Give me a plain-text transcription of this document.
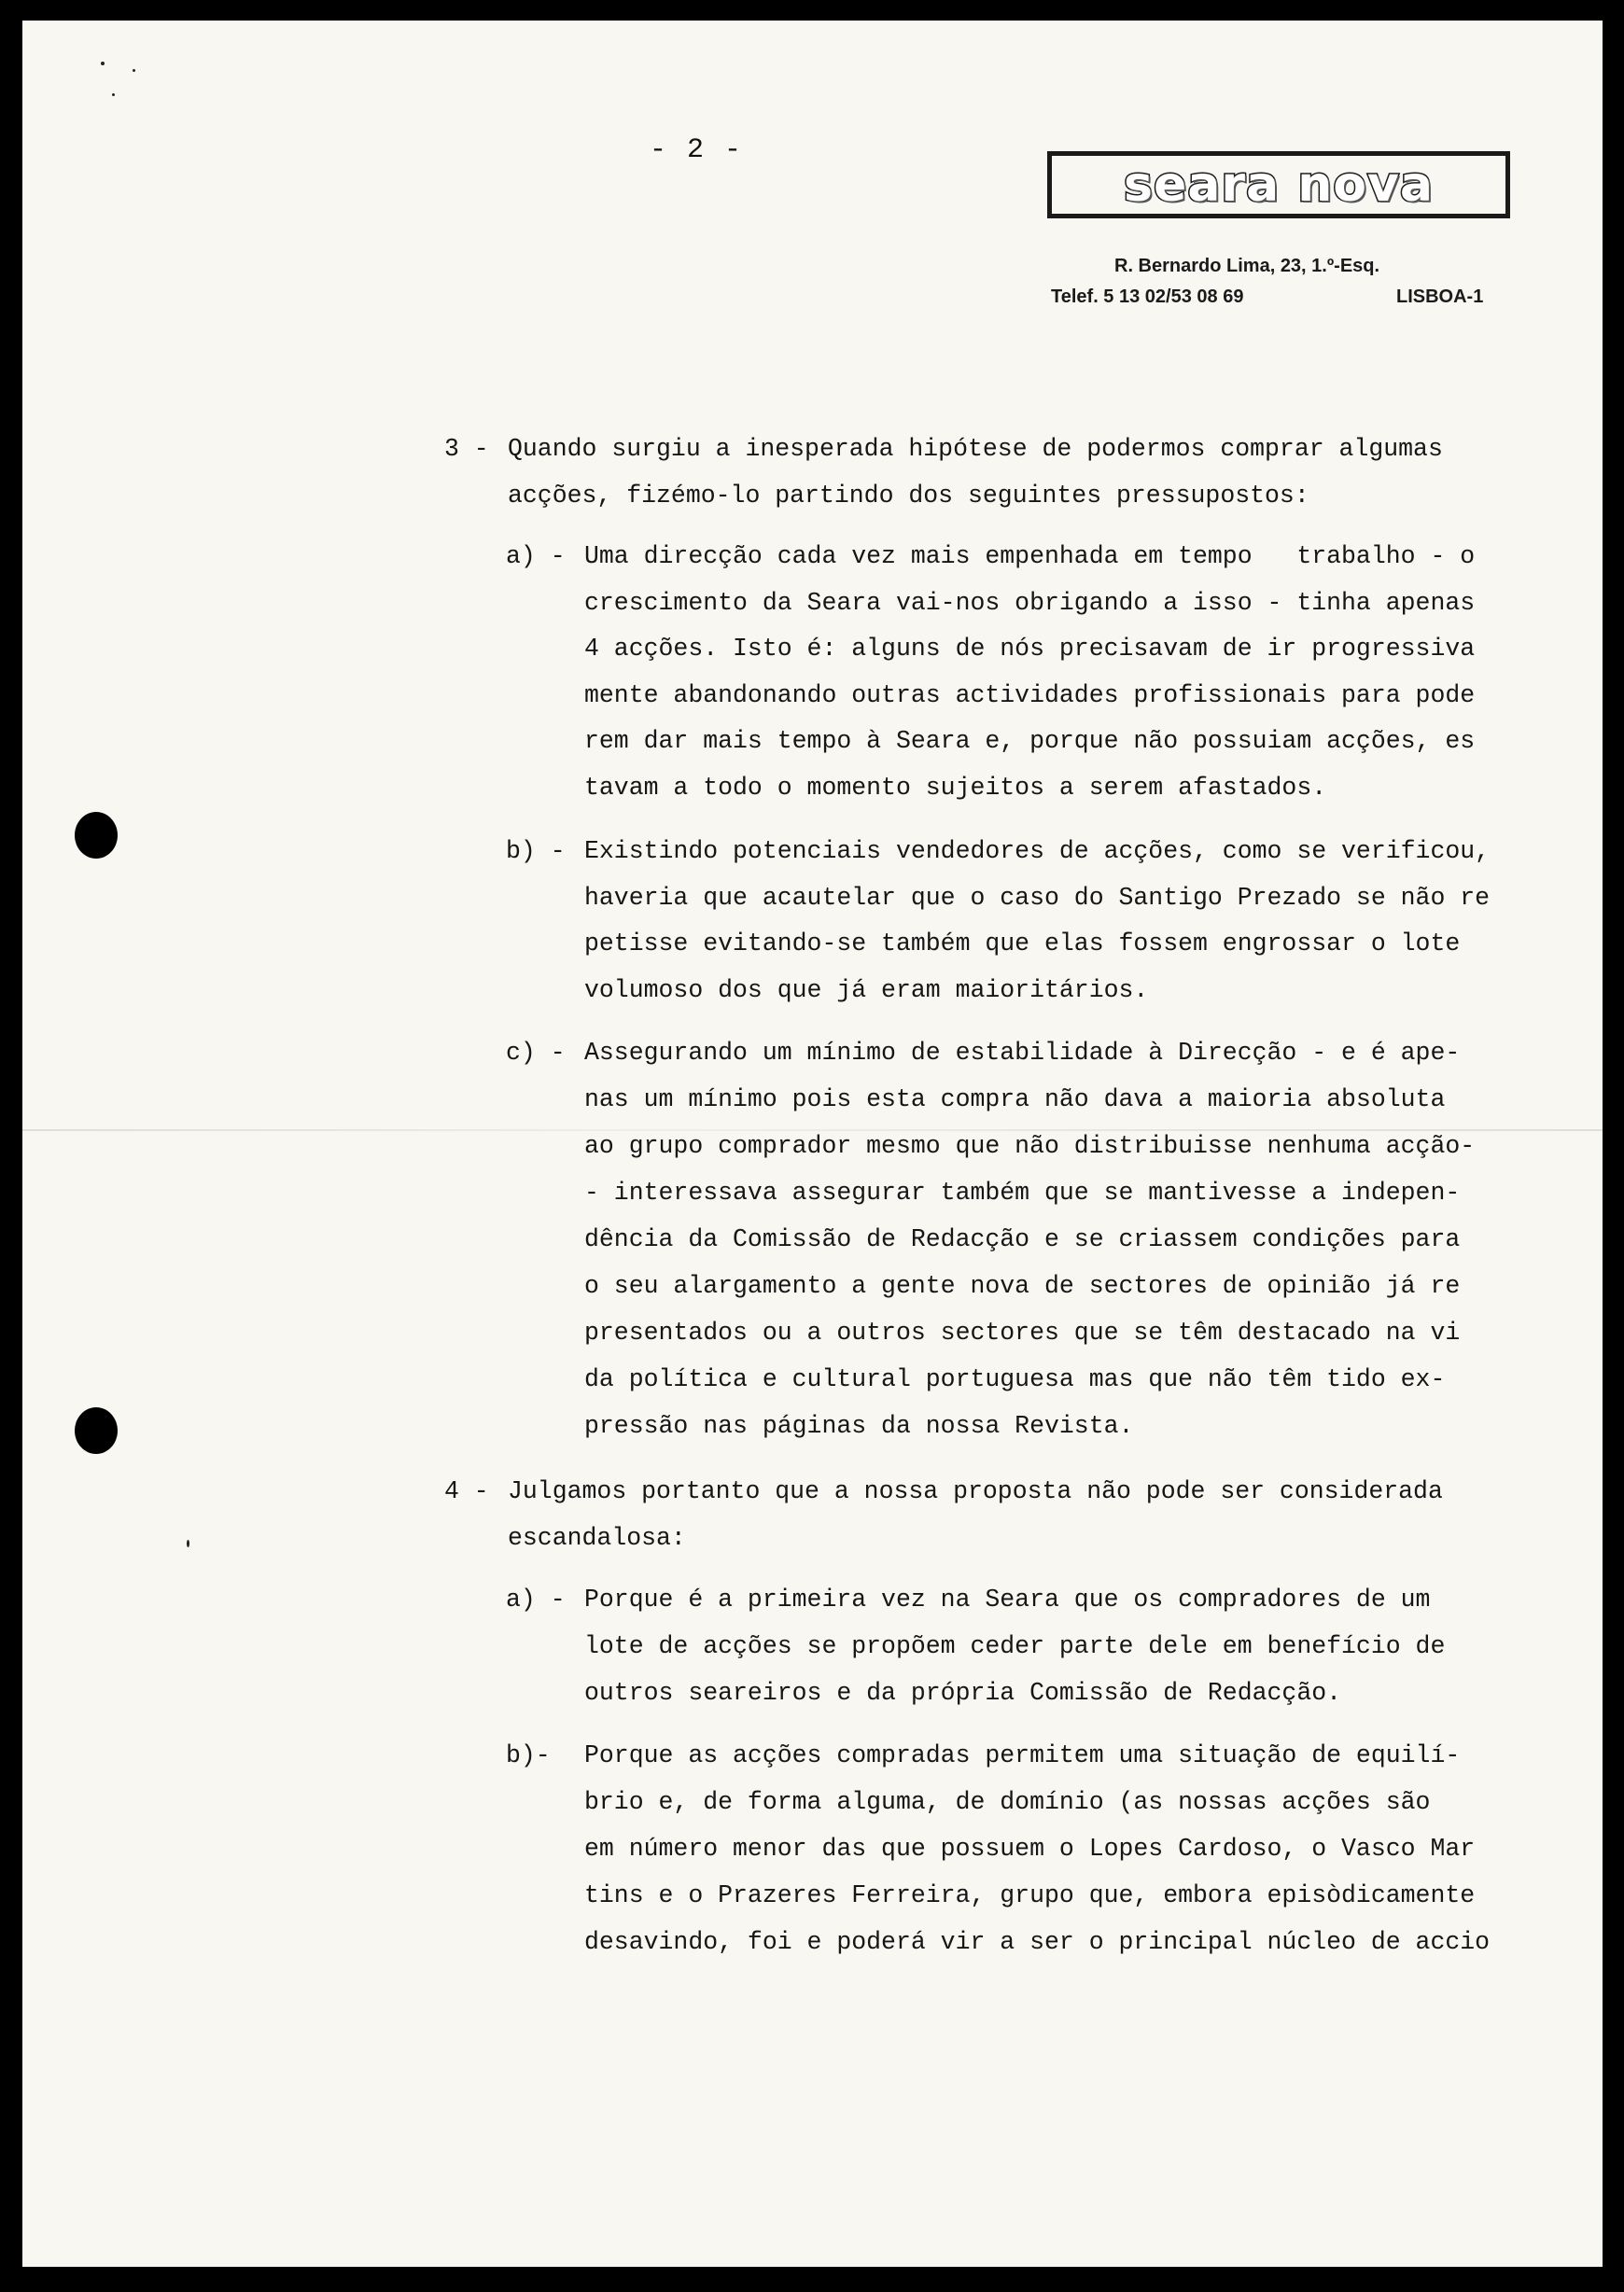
- 2 -
seara nova
R. Bernardo Lima, 23, 1.º-Esq.
Telef. 5 13 02/53 08 69	LISBOA-1
3 - Quando surgiu a inesperada hipótese de podermos comprar algumas
acções, fizémo-lo partindo dos seguintes pressupostos:
a) - Uma direcção cada vez mais empenhada em tempo   trabalho - o
crescimento da Seara vai-nos obrigando a isso - tinha apenas
4 acções. Isto é: alguns de nós precisavam de ir progressiva
mente abandonando outras actividades profissionais para pode
rem dar mais tempo à Seara e, porque não possuiam acções, es
tavam a todo o momento sujeitos a serem afastados.
b) - Existindo potenciais vendedores de acções, como se verificou,
haveria que acautelar que o caso do Santigo Prezado se não re
petisse evitando-se também que elas fossem engrossar o lote
volumoso dos que já eram maioritários.
c) - Assegurando um mínimo de estabilidade à Direcção - e é ape-
nas um mínimo pois esta compra não dava a maioria absoluta
ao grupo comprador mesmo que não distribuisse nenhuma acção-
- interessava assegurar também que se mantivesse a indepen-
dência da Comissão de Redacção e se criassem condições para
o seu alargamento a gente nova de sectores de opinião já re
presentados ou a outros sectores que se têm destacado na vi
da política e cultural portuguesa mas que não têm tido ex-
pressão nas páginas da nossa Revista.
4 - Julgamos portanto que a nossa proposta não pode ser considerada
escandalosa:
a) - Porque é a primeira vez na Seara que os compradores de um
lote de acções se propõem ceder parte dele em benefício de
outros seareiros e da própria Comissão de Redacção.
b)- Porque as acções compradas permitem uma situação de equilí-
brio e, de forma alguma, de domínio (as nossas acções são
em número menor das que possuem o Lopes Cardoso, o Vasco Mar
tins e o Prazeres Ferreira, grupo que, embora episòdicamente
desavindo, foi e poderá vir a ser o principal núcleo de accio
